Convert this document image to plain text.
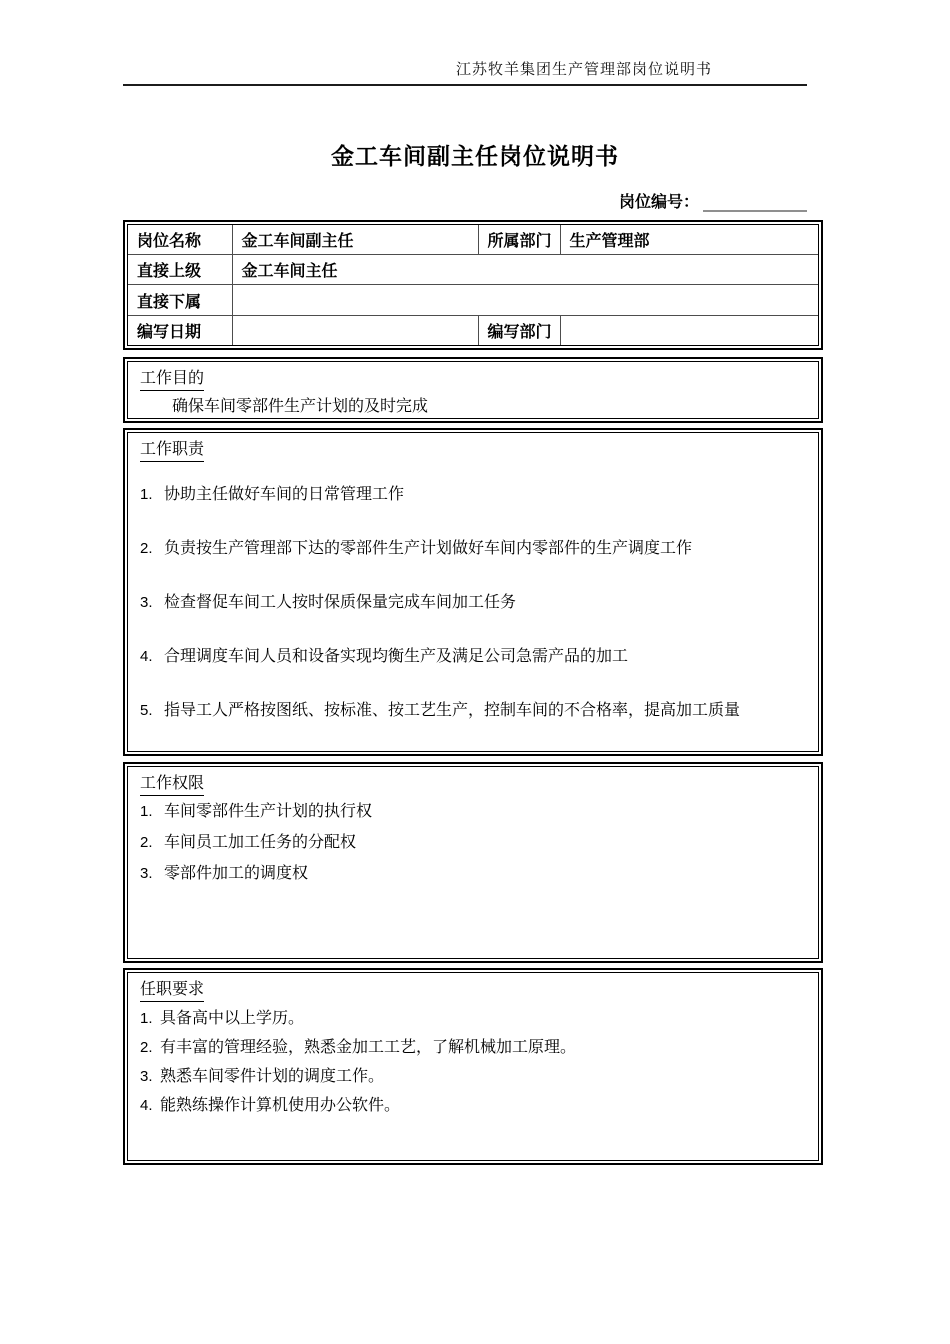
江苏牧羊集团生产管理部岗位说明书
金工车间副主任岗位说明书
岗位编号：
岗位名称	金工车间副主任	所属部门	生产管理部
直接上级	金工车间主任		
直接下属			
编写日期		编写部门	
工作目的
确保车间零部件生产计划的及时完成
工作职责
1. 协助主任做好车间的日常管理工作
2. 负责按生产管理部下达的零部件生产计划做好车间内零部件的生产调度工作
3. 检查督促车间工人按时保质保量完成车间加工任务
4. 合理调度车间人员和设备实现均衡生产及满足公司急需产品的加工
5. 指导工人严格按图纸、按标准、按工艺生产，控制车间的不合格率，提高加工质量
工作权限
1. 车间零部件生产计划的执行权
2. 车间员工加工任务的分配权
3. 零部件加工的调度权
任职要求
1. 具备高中以上学历。
2. 有丰富的管理经验，熟悉金加工工艺，了解机械加工原理。
3. 熟悉车间零件计划的调度工作。
4. 能熟练操作计算机使用办公软件。
